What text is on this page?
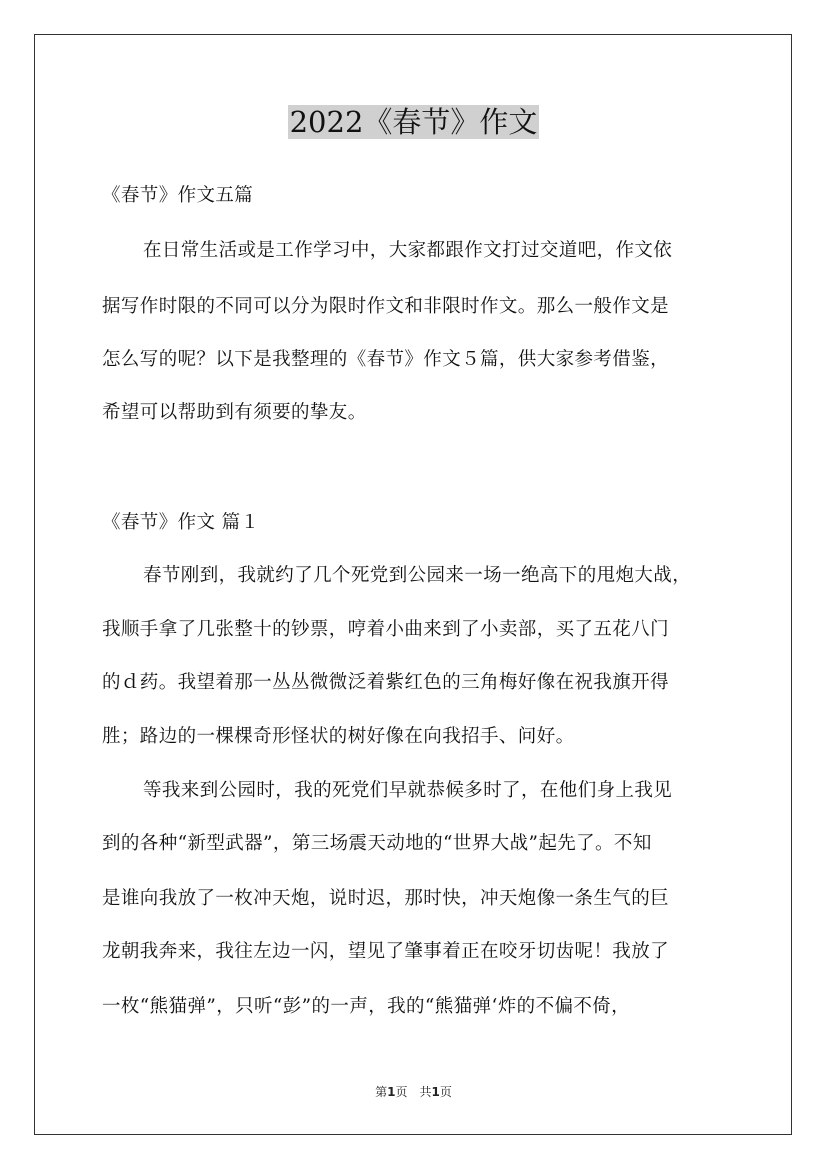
2022《春节》作文

《春节》作文五篇

在日常生活或是工作学习中，大家都跟作文打过交道吧，作文依

据写作时限的不同可以分为限时作文和非限时作文。那么一般作文是

怎么写的呢？以下是我整理的《春节》作文５篇，供大家参考借鉴，

希望可以帮助到有须要的挚友。

《春节》作文 篇１

春节刚到，我就约了几个死党到公园来一场一绝高下的甩炮大战，

我顺手拿了几张整十的钞票，哼着小曲来到了小卖部，买了五花八门

的ｄ药。我望着那一丛丛微微泛着紫红色的三角梅好像在祝我旗开得

胜；路边的一棵棵奇形怪状的树好像在向我招手、问好。

等我来到公园时，我的死党们早就恭候多时了，在他们身上我见

到的各种“新型武器”，第三场震天动地的“世界大战”起先了。不知

是谁向我放了一枚冲天炮，说时迟，那时快，冲天炮像一条生气的巨

龙朝我奔来，我往左边一闪，望见了肇事着正在咬牙切齿呢！我放了

一枚“熊猫弹”，只听“彭”的一声，我的“熊猫弹‘炸的不偏不倚，

第1页　共1页
